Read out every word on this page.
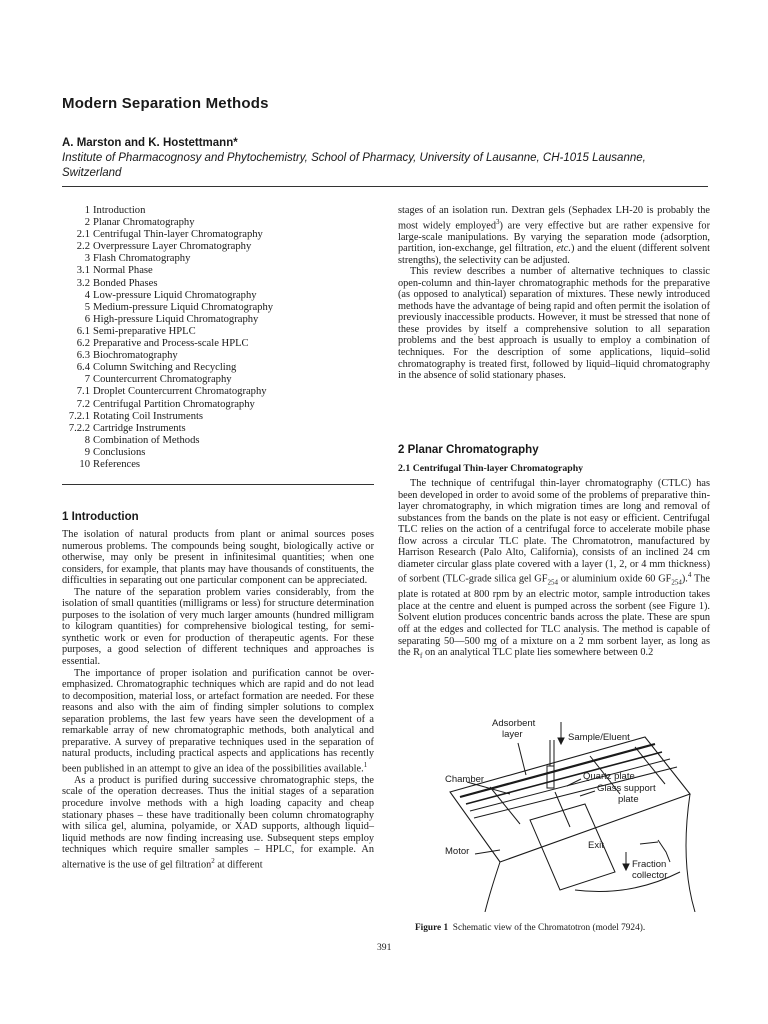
Modern Separation Methods
A. Marston and K. Hostettmann*
Institute of Pharmacognosy and Phytochemistry, School of Pharmacy, University of Lausanne, CH-1015 Lausanne, Switzerland
1 Introduction
2 Planar Chromatography
2.1 Centrifugal Thin-layer Chromatography
2.2 Overpressure Layer Chromatography
3 Flash Chromatography
3.1 Normal Phase
3.2 Bonded Phases
4 Low-pressure Liquid Chromatography
5 Medium-pressure Liquid Chromatography
6 High-pressure Liquid Chromatography
6.1 Semi-preparative HPLC
6.2 Preparative and Process-scale HPLC
6.3 Biochromatography
6.4 Column Switching and Recycling
7 Countercurrent Chromatography
7.1 Droplet Countercurrent Chromatography
7.2 Centrifugal Partition Chromatography
7.2.1 Rotating Coil Instruments
7.2.2 Cartridge Instruments
8 Combination of Methods
9 Conclusions
10 References
1 Introduction

The isolation of natural products from plant or animal sources poses numerous problems. The compounds being sought, biologically active or otherwise, may only be present in infinitesimal quantities; when one considers, for example, that plants may have thousands of constituents, the difficulties in separating out one particular component can be appreciated.

The nature of the separation problem varies considerably, from the isolation of small quantities (milligrams or less) for structure determination purposes to the isolation of very much larger amounts (hundred milligram to kilogram quantities) for comprehensive biological testing, for semi-synthetic work or even for production of therapeutic agents. For these purposes, a good selection of different techniques and approaches is essential.

The importance of proper isolation and purification cannot be over-emphasized. Chromatographic techniques which are rapid and do not lead to decomposition, material loss, or artefact formation are needed. For these reasons and also with the aim of finding simpler solutions to complex separation problems, the last few years have seen the development of a remarkable array of new chromatographic methods, both analytical and preparative. A survey of preparative techniques used in the separation of natural products, including practical aspects and applications has recently been published in an attempt to give an idea of the possibilities available.$^1$

As a product is purified during successive chromatographic steps, the scale of the operation decreases. Thus the initial stages of a separation procedure involve methods with a high loading capacity and cheap stationary phases – these have traditionally been column chromatography with silica gel, alumina, polyamide, or XAD supports, although liquid–liquid methods are now finding increasing use. Subsequent steps employ techniques which require smaller samples – HPLC, for example. An alternative is the use of gel filtration$^2$ at different

stages of an isolation run. Dextran gels (Sephadex LH-20 is probably the most widely employed$^3$) are very effective but are rather expensive for large-scale manipulations. By varying the separation mode (adsorption, partition, ion-exchange, gel filtration, etc.) and the eluent (different solvent strengths), the selectivity can be adjusted.

This review describes a number of alternative techniques to classic open-column and thin-layer chromatographic methods for the preparative (as opposed to analytical) separation of mixtures. These newly introduced methods have the advantage of being rapid and often permit the isolation of previously inaccessible products. However, it must be stressed that none of these provides by itself a comprehensive solution to all separation problems and the best approach is usually to employ a combination of techniques. For the description of some applications, liquid–solid chromatography is treated first, followed by liquid–liquid chromatography in the absence of solid stationary phases.

2 Planar Chromatography
2.1 Centrifugal Thin-layer Chromatography

The technique of centrifugal thin-layer chromatography (CTLC) has been developed in order to avoid some of the problems of preparative thin-layer chromatography, in which migration times are long and removal of substances from the bands on the plate is not easy or efficient. Centrifugal TLC relies on the action of a centrifugal force to accelerate mobile phase flow across a circular TLC plate. The Chromatotron, manufactured by Harrison Research (Palo Alto, California), consists of an inclined 24 cm diameter circular glass plate covered with a layer (1, 2, or 4 mm thickness) of sorbent (TLC-grade silica gel $GF_{254}$ or aluminium oxide 60 $GF_{254}).^4$ The plate is rotated at 800 rpm by an electric motor, sample introduction takes place at the centre and eluent is pumped across the sorbent (see Figure 1). Solvent elution produces concentric bands across the plate. These are spun off at the edges and collected for TLC analysis. The method is capable of separating 50—500 mg of a mixture on a 2 mm sorbent layer, as long as the $R_f$ on an analytical TLC plate lies somewhere between 0.2

Adsorbent
layer	Sample/Eluent
Chamber	Quartz plate
Glass support
plate
Motor
Exit
Fraction
collector
Figure 1 Schematic view of the Chromatotron (model 7924).
391
